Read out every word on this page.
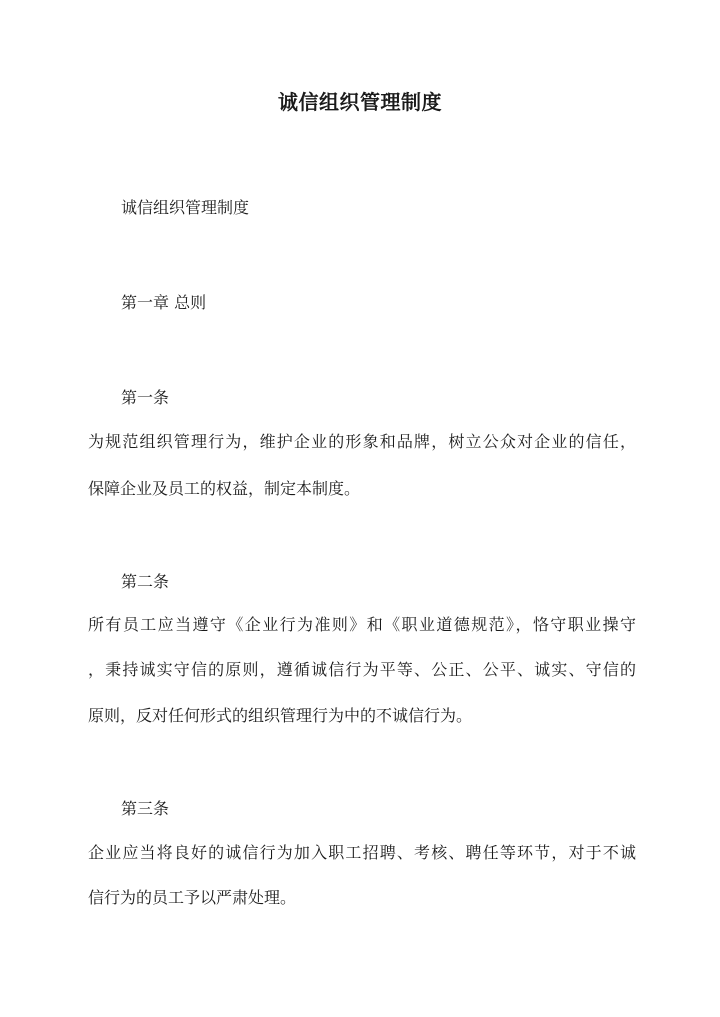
诚信组织管理制度

诚信组织管理制度

第一章 总则

第一条

为规范组织管理行为，维护企业的形象和品牌，树立公众对企业的信任，

保障企业及员工的权益，制定本制度。

第二条

所有员工应当遵守《企业行为准则》和《职业道德规范》，恪守职业操守

，秉持诚实守信的原则，遵循诚信行为平等、公正、公平、诚实、守信的

原则，反对任何形式的组织管理行为中的不诚信行为。

第三条

企业应当将良好的诚信行为加入职工招聘、考核、聘任等环节，对于不诚

信行为的员工予以严肃处理。
